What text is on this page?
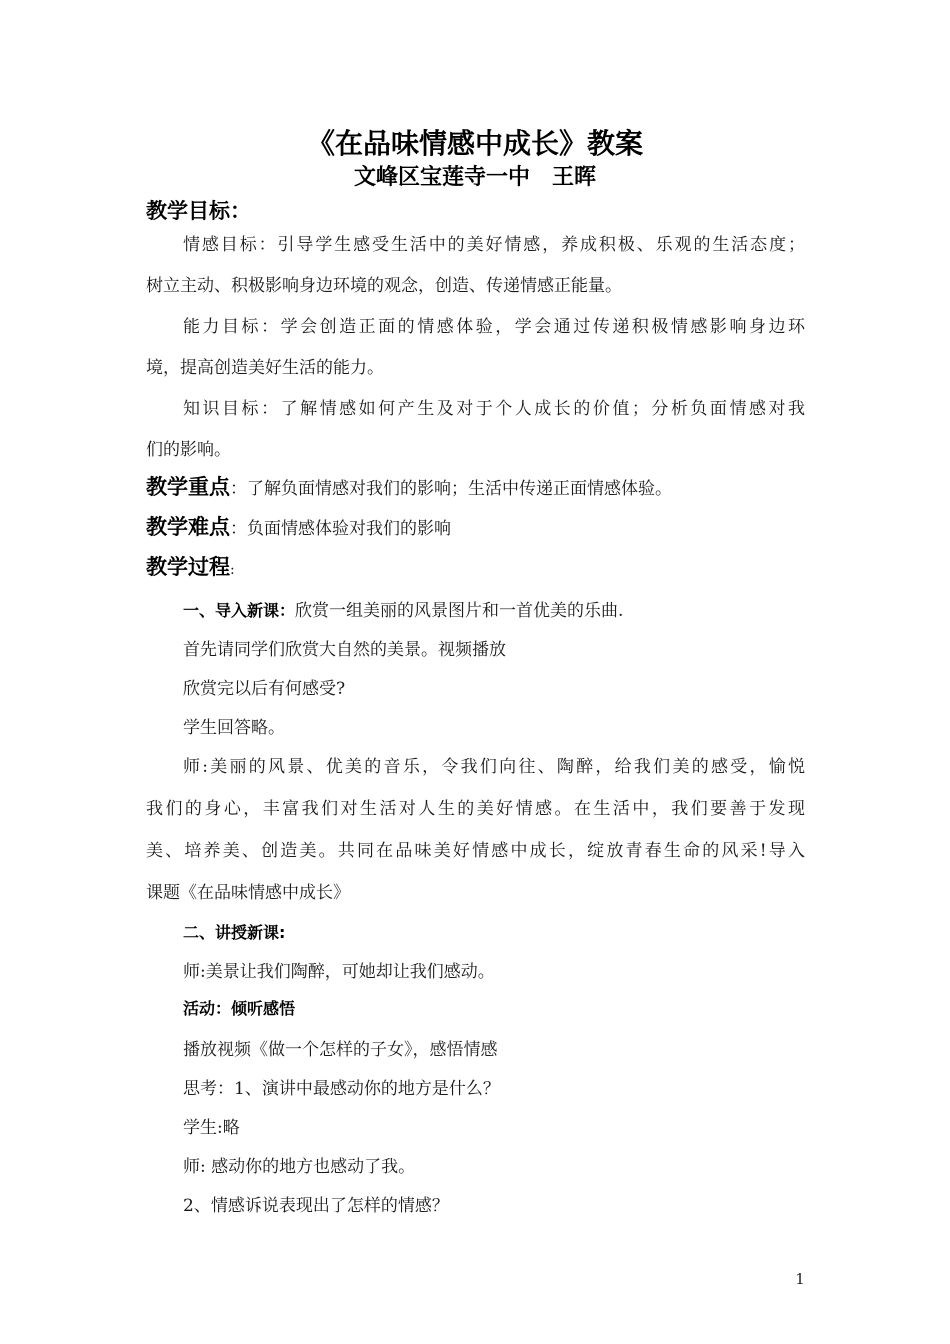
《在品味情感中成长》教案
文峰区宝莲寺一中　王晖
教学目标：
情感目标：引导学生感受生活中的美好情感，养成积极、乐观的生活态度；
树立主动、积极影响身边环境的观念，创造、传递情感正能量。
能力目标：学会创造正面的情感体验，学会通过传递积极情感影响身边环
境，提高创造美好生活的能力。
知识目标：了解情感如何产生及对于个人成长的价值；分析负面情感对我
们的影响。
教学重点：了解负面情感对我们的影响；生活中传递正面情感体验。
教学难点：负面情感体验对我们的影响
教学过程:
一、导入新课：欣赏一组美丽的风景图片和一首优美的乐曲.
首先请同学们欣赏大自然的美景。视频播放
欣赏完以后有何感受?
学生回答略。
师:美丽的风景、优美的音乐，令我们向往、陶醉，给我们美的感受，愉悦
我们的身心，丰富我们对生活对人生的美好情感。在生活中，我们要善于发现
美、培养美、创造美。共同在品味美好情感中成长，绽放青春生命的风采!导入
课题《在品味情感中成长》
二、讲授新课:
师:美景让我们陶醉，可她却让我们感动。
活动：倾听感悟
播放视频《做一个怎样的子女》，感悟情感
思考：1、演讲中最感动你的地方是什么？
学生:略
师: 感动你的地方也感动了我。
2、情感诉说表现出了怎样的情感？
1
